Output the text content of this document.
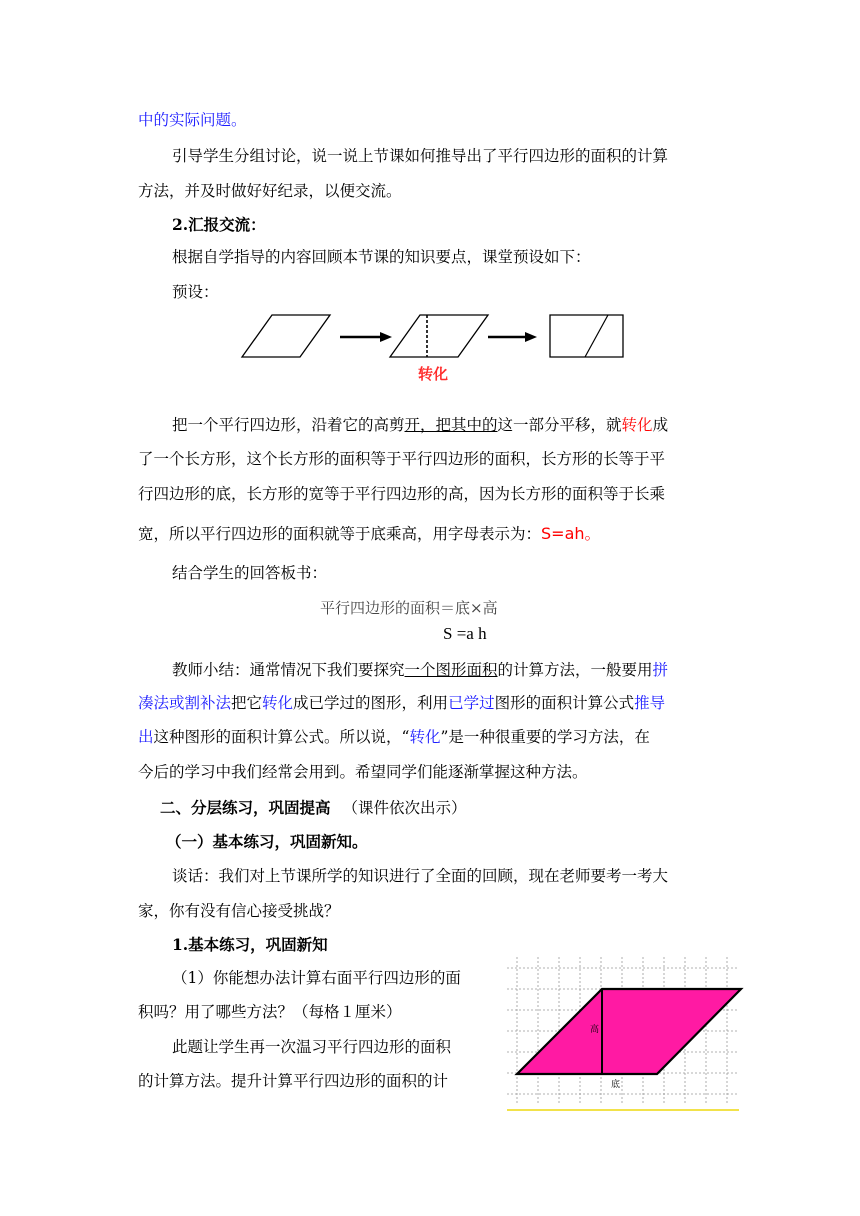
中的实际问题。
引导学生分组讨论，说一说上节课如何推导出了平行四边形的面积的计算
方法，并及时做好好纪录，以便交流。
2.汇报交流：
根据自学指导的内容回顾本节课的知识要点，课堂预设如下：
预设：
转化
把一个平行四边形，沿着它的高剪开，把其中的这一部分平移，就转化成
了一个长方形，这个长方形的面积等于平行四边形的面积，长方形的长等于平
行四边形的底，长方形的宽等于平行四边形的高，因为长方形的面积等于长乘
宽，所以平行四边形的面积就等于底乘高，用字母表示为：S=ah。
结合学生的回答板书：
平行四边形的面积＝底×高
S =a h
教师小结：通常情况下我们要探究一个图形面积的计算方法，一般要用拼
凑法或割补法把它转化成已学过的图形，利用已学过图形的面积计算公式推导
出这种图形的面积计算公式。所以说，“转化”是一种很重要的学习方法，在
今后的学习中我们经常会用到。希望同学们能逐渐掌握这种方法。
二、分层练习，巩固提高 （课件依次出示）
（一）基本练习，巩固新知。
谈话：我们对上节课所学的知识进行了全面的回顾，现在老师要考一考大
家，你有没有信心接受挑战？
1.基本练习，巩固新知
（1）你能想办法计算右面平行四边形的面
积吗？用了哪些方法？（每格１厘米）
此题让学生再一次温习平行四边形的面积
的计算方法。提升计算平行四边形的面积的计
高
底
